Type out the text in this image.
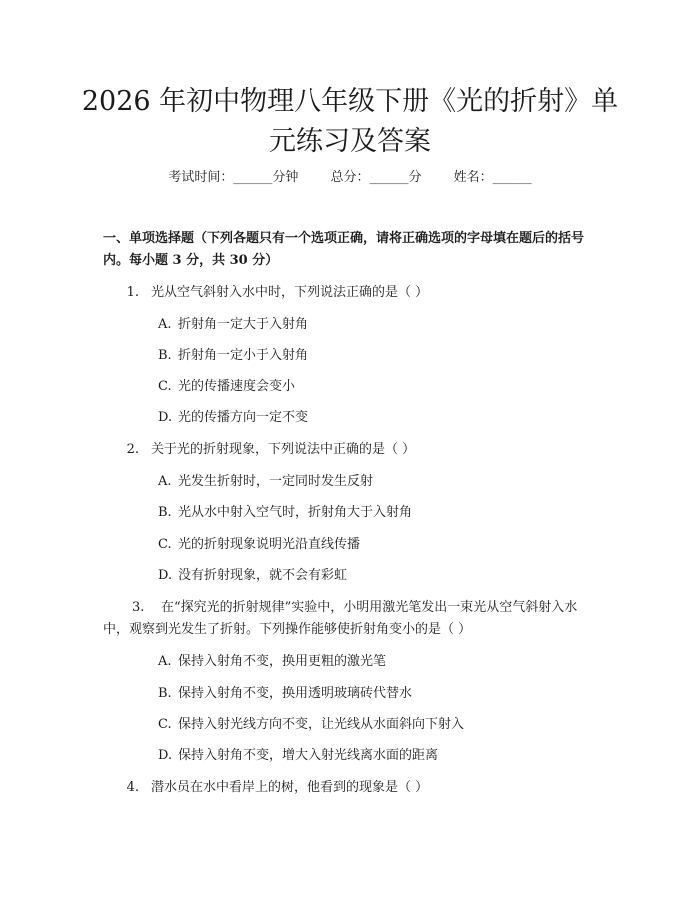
2026 年初中物理八年级下册《光的折射》单
元练习及答案
考试时间：______分钟 总分：______分 姓名：______

一、单项选择题（下列各题只有一个选项正确，请将正确选项的字母填在题后的括号内。每小题 3 分，共 30 分）

1. 光从空气斜射入水中时，下列说法正确的是（ ）

A. 折射角一定大于入射角

B. 折射角一定小于入射角

C. 光的传播速度会变小

D. 光的传播方向一定不变

2. 关于光的折射现象，下列说法中正确的是（ ）

A. 光发生折射时，一定同时发生反射

B. 光从水中射入空气时，折射角大于入射角

C. 光的折射现象说明光沿直线传播

D. 没有折射现象，就不会有彩虹

3. 在“探究光的折射规律”实验中，小明用激光笔发出一束光从空气斜射入水中，观察到光发生了折射。下列操作能够使折射角变小的是（ ）

A. 保持入射角不变，换用更粗的激光笔

B. 保持入射角不变，换用透明玻璃砖代替水

C. 保持入射光线方向不变，让光线从水面斜向下射入

D. 保持入射角不变，增大入射光线离水面的距离

4. 潜水员在水中看岸上的树，他看到的现象是（ ）
